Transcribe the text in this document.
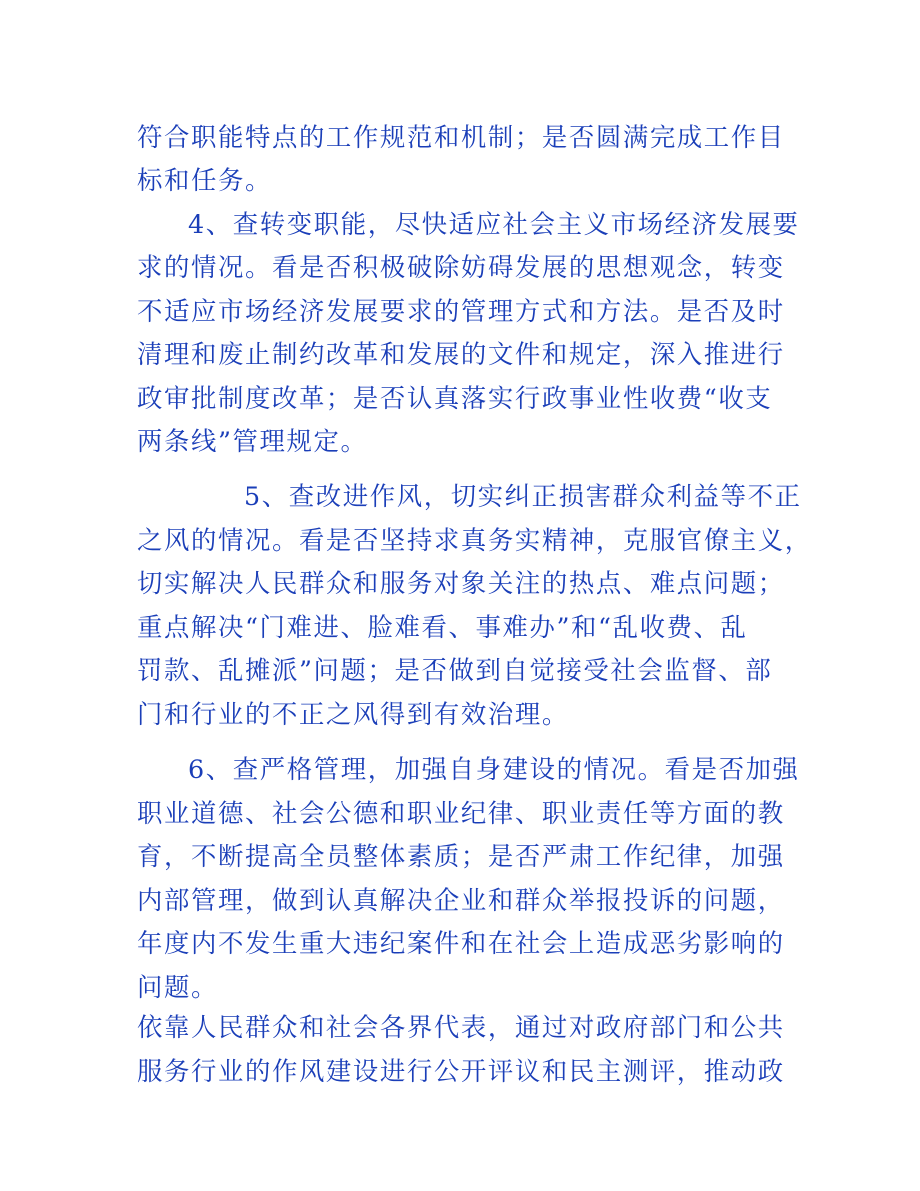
符合职能特点的工作规范和机制；是否圆满完成工作目
标和任务。
4、查转变职能，尽快适应社会主义市场经济发展要
求的情况。看是否积极破除妨碍发展的思想观念，转变
不适应市场经济发展要求的管理方式和方法。是否及时
清理和废止制约改革和发展的文件和规定，深入推进行
政审批制度改革；是否认真落实行政事业性收费“收支
两条线”管理规定。
5、查改进作风，切实纠正损害群众利益等不正
之风的情况。看是否坚持求真务实精神，克服官僚主义，
切实解决人民群众和服务对象关注的热点、难点问题；
重点解决“门难进、脸难看、事难办”和“乱收费、乱
罚款、乱摊派”问题；是否做到自觉接受社会监督、部
门和行业的不正之风得到有效治理。
6、查严格管理，加强自身建设的情况。看是否加强
职业道德、社会公德和职业纪律、职业责任等方面的教
育，不断提高全员整体素质；是否严肃工作纪律，加强
内部管理，做到认真解决企业和群众举报投诉的问题，
年度内不发生重大违纪案件和在社会上造成恶劣影响的
问题。
依靠人民群众和社会各界代表，通过对政府部门和公共
服务行业的作风建设进行公开评议和民主测评，推动政
